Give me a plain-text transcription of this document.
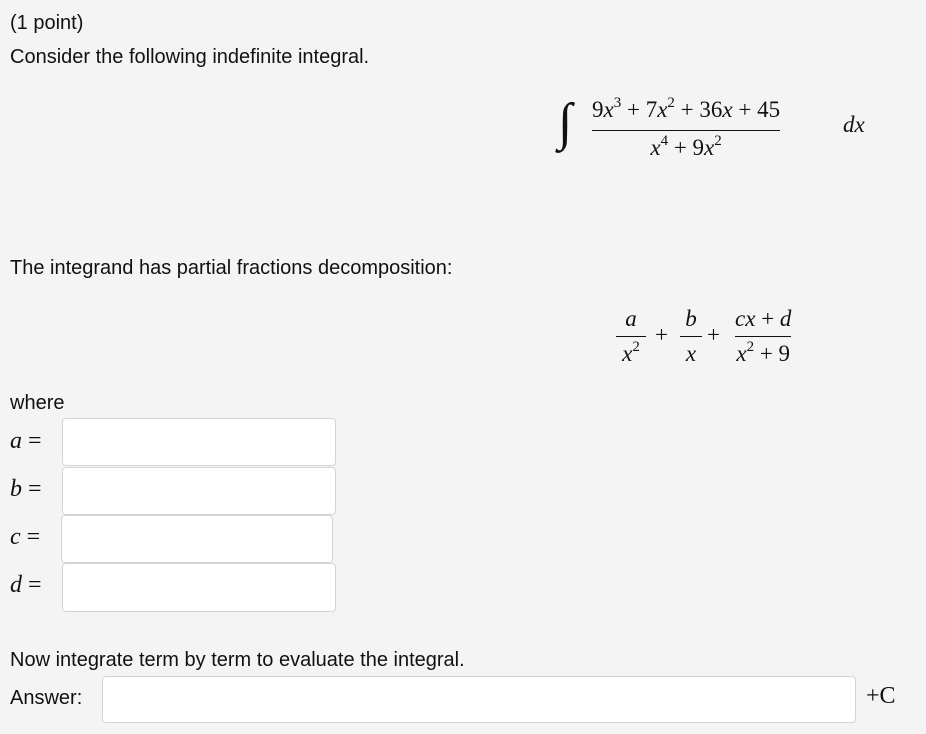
(1 point)
Consider the following indefinite integral.
∫ $9x^3 + 7x^2 + 36x + 45$
$x^4 + 9x^2$
dx
The integrand has partial fractions decomposition:
a
$x^2$ +
b
x
+
cx + d
$x^2 + 9$
where
a =
b =
c =
d =
Now integrate term by term to evaluate the integral.
Answer:	+C
